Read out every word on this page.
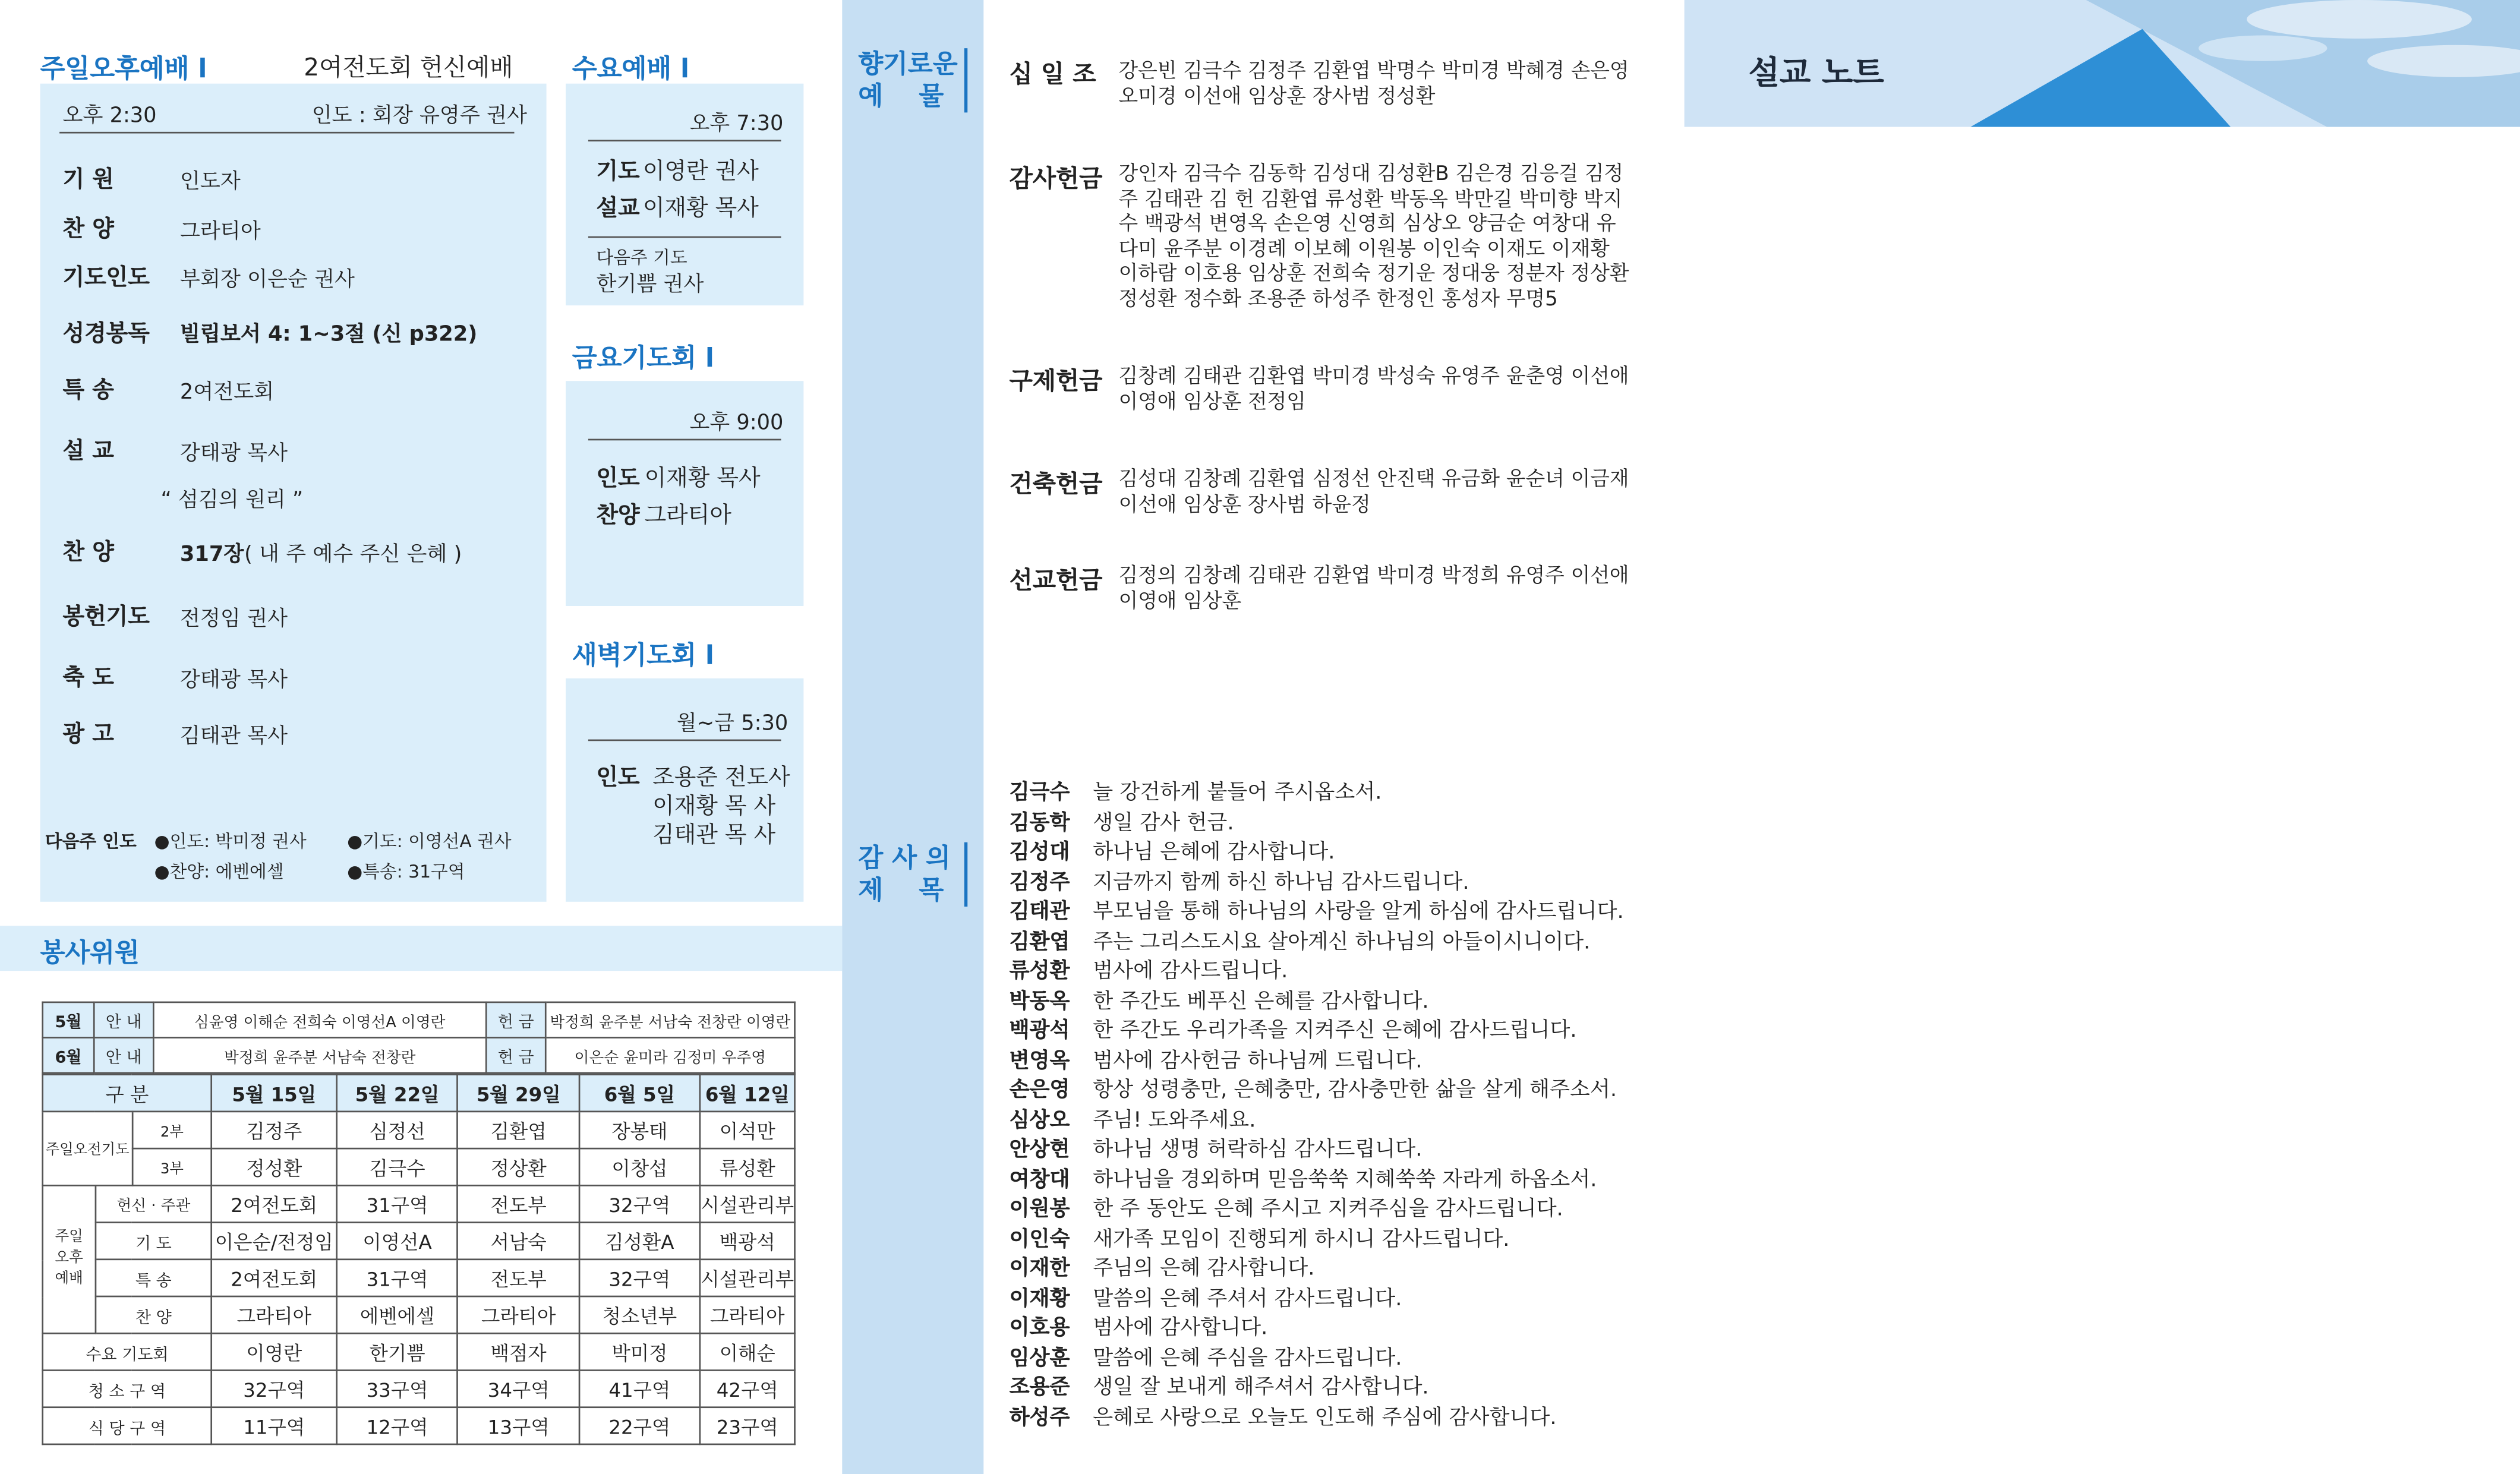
주일오후예배 l	2여전도회 헌신예배
오후 2:30	인도 : 회장 유영주 권사
기 원	인도자
찬 양	그라티아
기도인도	부회장 이은순 권사
성경봉독	빌립보서 4: 1~3절 (신 p322)
특 송	2여전도회
설 교	강태광 목사
“ 섬김의 원리 ”
찬 양	317장 ( 내 주 예수 주신 은혜 )
봉헌기도	전정임 권사
축 도	강태광 목사
광 고	김태관 목사
다음주 인도	●인도: 박미정 권사	●기도: 이영선A 권사
●찬양: 에벤에셀	●특송: 31구역
수요예배 l
오후 7:30
기도 이영란 권사
설교 이재황 목사
다음주 기도
한기쁨 권사
금요기도회 l
오후 9:00
인도 이재황 목사
찬양 그라티아
새벽기도회 l
월~금 5:30
인도 조용준 전도사
이재황 목 사
김태관 목 사
봉사위원
5월	안 내	심윤영 이해순 전희숙 이영선A 이영란	헌 금	박정희 윤주분 서남숙 전창란 이영란
6월	안 내	박정희 윤주분 서남숙 전창란	헌 금	이은순 윤미라 김정미 우주영
구 분			5월 15일	5월 22일	5월 29일	6월 5일	6월 12일
주일오전기도		2부	김정주	심정선	김환엽	장봉태	이석만
		3부	정성환	김극수	정상환	이창섭	류성환
주일
오후
예배	헌신 · 주관		2여전도회	31구역	전도부	32구역	시설관리부
	기 도		이은순/전정임	이영선A	서남숙	김성환A	백광석
	특 송		2여전도회	31구역	전도부	32구역	시설관리부
	찬 양		그라티아	에벤에셀	그라티아	청소년부	그라티아
수요 기도회			이영란	한기쁨	백점자	박미정	이해순
청 소 구 역			32구역	33구역	34구역	41구역	42구역
식 당 구 역			11구역	12구역	13구역	22구역	23구역
향기로운
예    물
감 사 의
제    목
십 일 조	강은빈 김극수 김정주 김환엽 박명수 박미경 박혜경 손은영 오미경 이선애 임상훈 장사범 정성환
감사헌금 강인자 김극수 김동학 김성대 김성환B 김은경 김응걸 김정주 김태관 김 헌 김환엽 류성환 박동옥 박만길 박미향 박지수 백광석 변영옥 손은영 신영희 심상오 양금순 여창대 유다미 윤주분 이경례 이보혜 이원봉 이인숙 이재도 이재황 이하람 이호용 임상훈 전희숙 정기운 정대웅 정분자 정상환 정성환 정수화 조용준 하성주 한정인 홍성자 무명5
구제헌금 김창례 김태관 김환엽 박미경 박성숙 유영주 윤춘영 이선애 이영애 임상훈 전정임
건축헌금 김성대 김창례 김환엽 심정선 안진택 유금화 윤순녀 이금재 이선애 임상훈 장사범 하윤정
선교헌금 김정의 김창례 김태관 김환엽 박미경 박정희 유영주 이선애 이영애 임상훈
김극수	늘 강건하게 붙들어 주시옵소서.
김동학	생일 감사 헌금.
김성대	하나님 은혜에 감사합니다.
김정주	지금까지 함께 하신 하나님 감사드립니다.
김태관	부모님을 통해 하나님의 사랑을 알게 하심에 감사드립니다.
김환엽	주는 그리스도시요 살아계신 하나님의 아들이시니이다.
류성환	범사에 감사드립니다.
박동옥	한 주간도 베푸신 은혜를 감사합니다.
백광석	한 주간도 우리가족을 지켜주신 은혜에 감사드립니다.
변영옥	범사에 감사헌금 하나님께 드립니다.
손은영	항상 성령충만, 은혜충만, 감사충만한 삶을 살게 해주소서.
심상오	주님! 도와주세요.
안상현	하나님 생명 허락하심 감사드립니다.
여창대	하나님을 경외하며 믿음쑥쑥 지혜쑥쑥 자라게 하옵소서.
이원봉	한 주 동안도 은혜 주시고 지켜주심을 감사드립니다.
이인숙	새가족 모임이 진행되게 하시니 감사드립니다.
이재한	주님의 은혜 감사합니다.
이재황	말씀의 은혜 주셔서 감사드립니다.
이호용	범사에 감사합니다.
임상훈	말씀에 은혜 주심을 감사드립니다.
조용준	생일 잘 보내게 해주셔서 감사합니다.
하성주	은혜로 사랑으로 오늘도 인도해 주심에 감사합니다.
설교 노트
